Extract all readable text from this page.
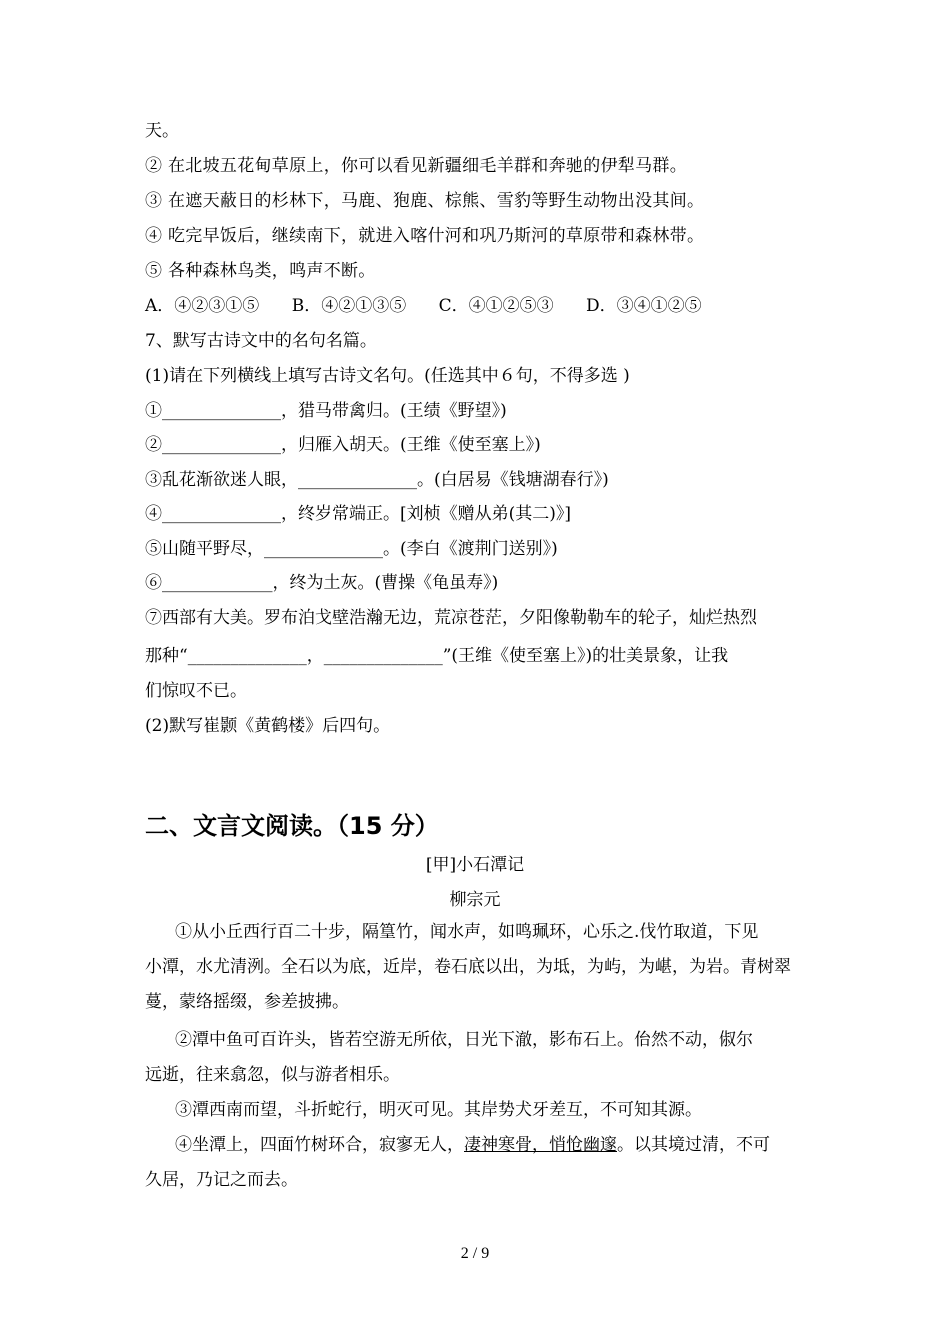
天。
② 在北坡五花甸草原上，你可以看见新疆细毛羊群和奔驰的伊犁马群。
③ 在遮天蔽日的杉林下，马鹿、狍鹿、棕熊、雪豹等野生动物出没其间。
④ 吃完早饭后，继续南下，就进入喀什河和巩乃斯河的草原带和森林带。
⑤ 各种森林鸟类，鸣声不断。
A．④②③①⑤      B．④②①③⑤      C．④①②⑤③      D．③④①②⑤
7、默写古诗文中的名句名篇。
(1)请在下列横线上填写古诗文名句。(任选其中６句，不得多选 )
①______________，猎马带禽归。(王绩《野望》)
②______________，归雁入胡天。(王维《使至塞上》)
③乱花渐欲迷人眼，______________。(白居易《钱塘湖春行》)
④______________，终岁常端正。[刘桢《赠从弟(其二)》]
⑤山随平野尽，______________。(李白《渡荆门送别》)
⑥_____________，终为土灰。(曹操《龟虽寿》)
⑦西部有大美。罗布泊戈壁浩瀚无边，荒凉苍茫，夕阳像勒勒车的轮子，灿烂热烈
那种“______________，______________”(王维《使至塞上》)的壮美景象，让我
们惊叹不已。
(2)默写崔颢《黄鹤楼》后四句。
二、文言文阅读。（15 分）
[甲]小石潭记
柳宗元
①从小丘西行百二十步，隔篁竹，闻水声，如鸣珮环，心乐之.伐竹取道，下见
小潭，水尤清洌。全石以为底，近岸，卷石底以出，为坻，为屿，为嵁，为岩。青树翠
蔓，蒙络摇缀，参差披拂。
②潭中鱼可百许头，皆若空游无所依，日光下澈，影布石上。佁然不动，俶尔
远逝，往来翕忽，似与游者相乐。
③潭西南而望，斗折蛇行，明灭可见。其岸势犬牙差互，不可知其源。
④坐潭上，四面竹树环合，寂寥无人，凄神寒骨，悄怆幽邃。以其境过清，不可
久居，乃记之而去。
2 / 9
